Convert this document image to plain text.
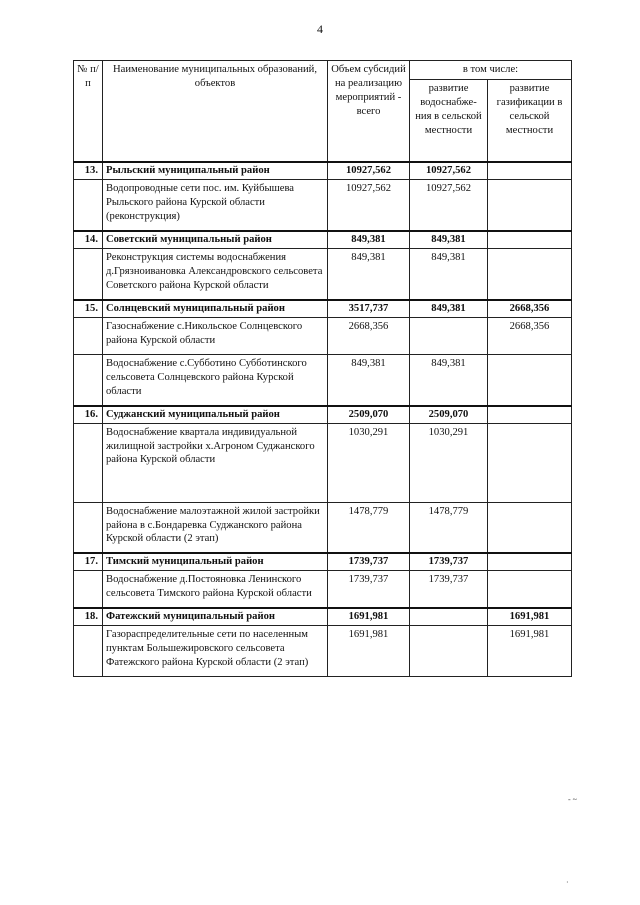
4
№ п/п	Наименование муниципальных образований, объектов	Объем субсидий на реализацию мероприятий - всего	в том числе:	
			развитие водоснабже-ния в сельской местности	развитие газификации в сельской местности
13.	Рыльский муниципальный район	10927,562	10927,562	
	Водопроводные сети пос. им. Куйбышева Рыльского района Курской области (реконструкция)	10927,562	10927,562	
14.	Советский муниципальный район	849,381	849,381	
	Реконструкция системы водоснабжения д.Грязноивановка Александровского сельсовета Советского района Курской области	849,381	849,381	
15.	Солнцевский муниципальный район	3517,737	849,381	2668,356
	Газоснабжение с.Никольское Солнцевского района Курской области	2668,356		2668,356
	Водоснабжение с.Субботино Субботинского сельсовета Солнцевского района Курской области	849,381	849,381	
16.	Суджанский муниципальный район	2509,070	2509,070	
	Водоснабжение квартала индивидуальной жилищной застройки х.Агроном Суджанского района Курской области	1030,291	1030,291	
	Водоснабжение малоэтажной жилой застройки района в с.Бондаревка Суджанского района Курской области (2 этап)	1478,779	1478,779	
17.	Тимский муниципальный район	1739,737	1739,737	
	Водоснабжение д.Постояновка Ленинского сельсовета Тимского района Курской области	1739,737	1739,737	
18.	Фатежский муниципальный район	1691,981		1691,981
	Газораспределительные сети по населенным пунктам Большежировского сельсовета Фатежского района Курской области (2 этап)	1691,981		1691,981
- ~
·
